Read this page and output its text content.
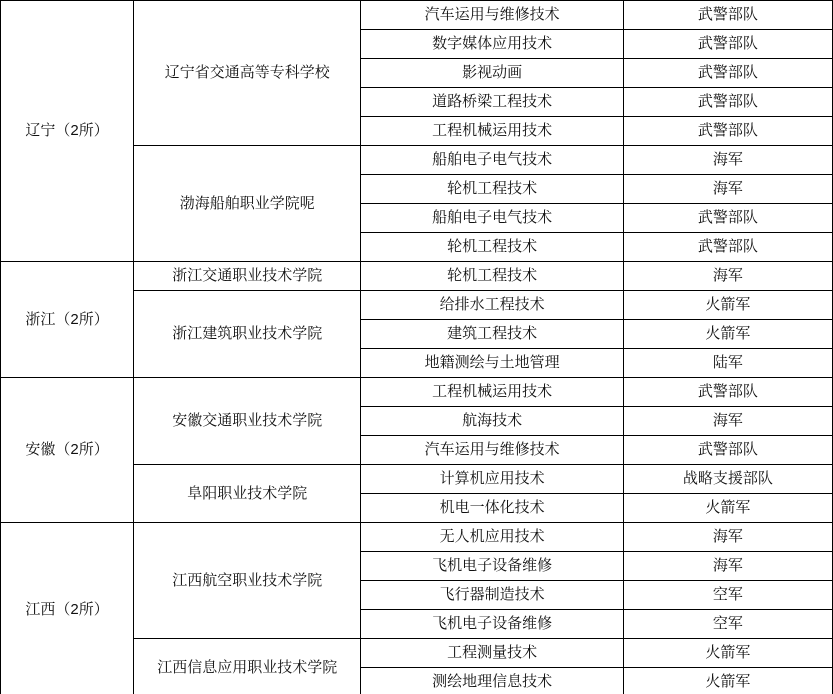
辽宁（2所）	辽宁省交通高等专科学校	汽车运用与维修技术	武警部队
		数字媒体应用技术	武警部队
		影视动画	武警部队
		道路桥梁工程技术	武警部队
		工程机械运用技术	武警部队
	渤海船舶职业学院呢	船舶电子电气技术	海军
		轮机工程技术	海军
		船舶电子电气技术	武警部队
		轮机工程技术	武警部队
浙江（2所）	浙江交通职业技术学院	轮机工程技术	海军
	浙江建筑职业技术学院	给排水工程技术	火箭军
		建筑工程技术	火箭军
		地籍测绘与土地管理	陆军
安徽（2所）	安徽交通职业技术学院	工程机械运用技术	武警部队
		航海技术	海军
		汽车运用与维修技术	武警部队
	阜阳职业技术学院	计算机应用技术	战略支援部队
		机电一体化技术	火箭军
江西（2所）	江西航空职业技术学院	无人机应用技术	海军
		飞机电子设备维修	海军
		飞行器制造技术	空军
		飞机电子设备维修	空军
	江西信息应用职业技术学院	工程测量技术	火箭军
		测绘地理信息技术	火箭军
